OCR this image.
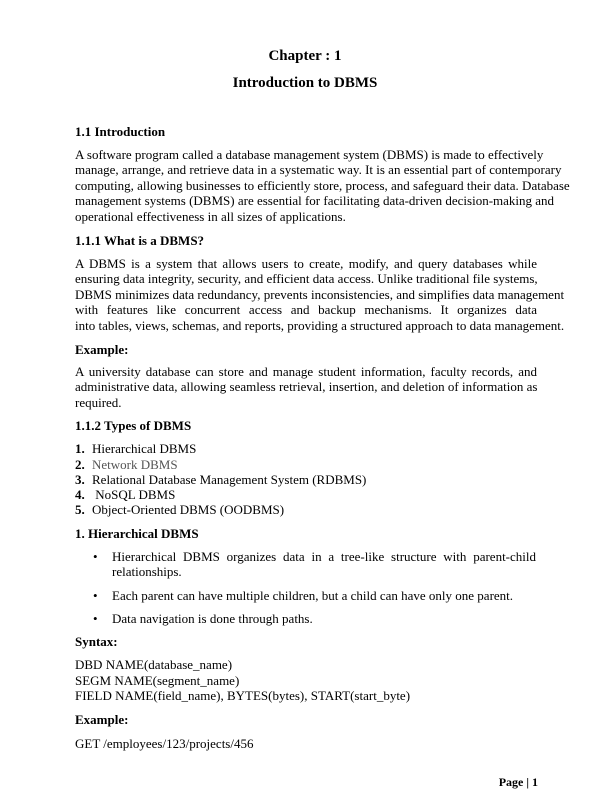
Chapter : 1
Introduction to DBMS
1.1 Introduction
A software program called a database management system (DBMS) is made to effectively
manage, arrange, and retrieve data in a systematic way. It is an essential part of contemporary
computing, allowing businesses to efficiently store, process, and safeguard their data. Database
management systems (DBMS) are essential for facilitating data-driven decision-making and
operational effectiveness in all sizes of applications.
1.1.1 What is a DBMS?
A DBMS is a system that allows users to create, modify, and query databases while
ensuring data integrity, security, and efficient data access. Unlike traditional file systems,
DBMS minimizes data redundancy, prevents inconsistencies, and simplifies data management
with features like concurrent access and backup mechanisms. It organizes data
into tables, views, schemas, and reports, providing a structured approach to data management.
Example:
A university database can store and manage student information, faculty records, and
administrative data, allowing seamless retrieval, insertion, and deletion of information as
required.
1.1.2 Types of DBMS
1. Hierarchical DBMS
2. Network DBMS
3. Relational Database Management System (RDBMS)
4. NoSQL DBMS
5. Object-Oriented DBMS (OODBMS)
1. Hierarchical DBMS
• Hierarchical DBMS organizes data in a tree-like structure with parent-child
relationships.
• Each parent can have multiple children, but a child can have only one parent.
• Data navigation is done through paths.
Syntax:
DBD NAME(database_name)
SEGM NAME(segment_name)
FIELD NAME(field_name), BYTES(bytes), START(start_byte)
Example:
GET /employees/123/projects/456
Page | 1
